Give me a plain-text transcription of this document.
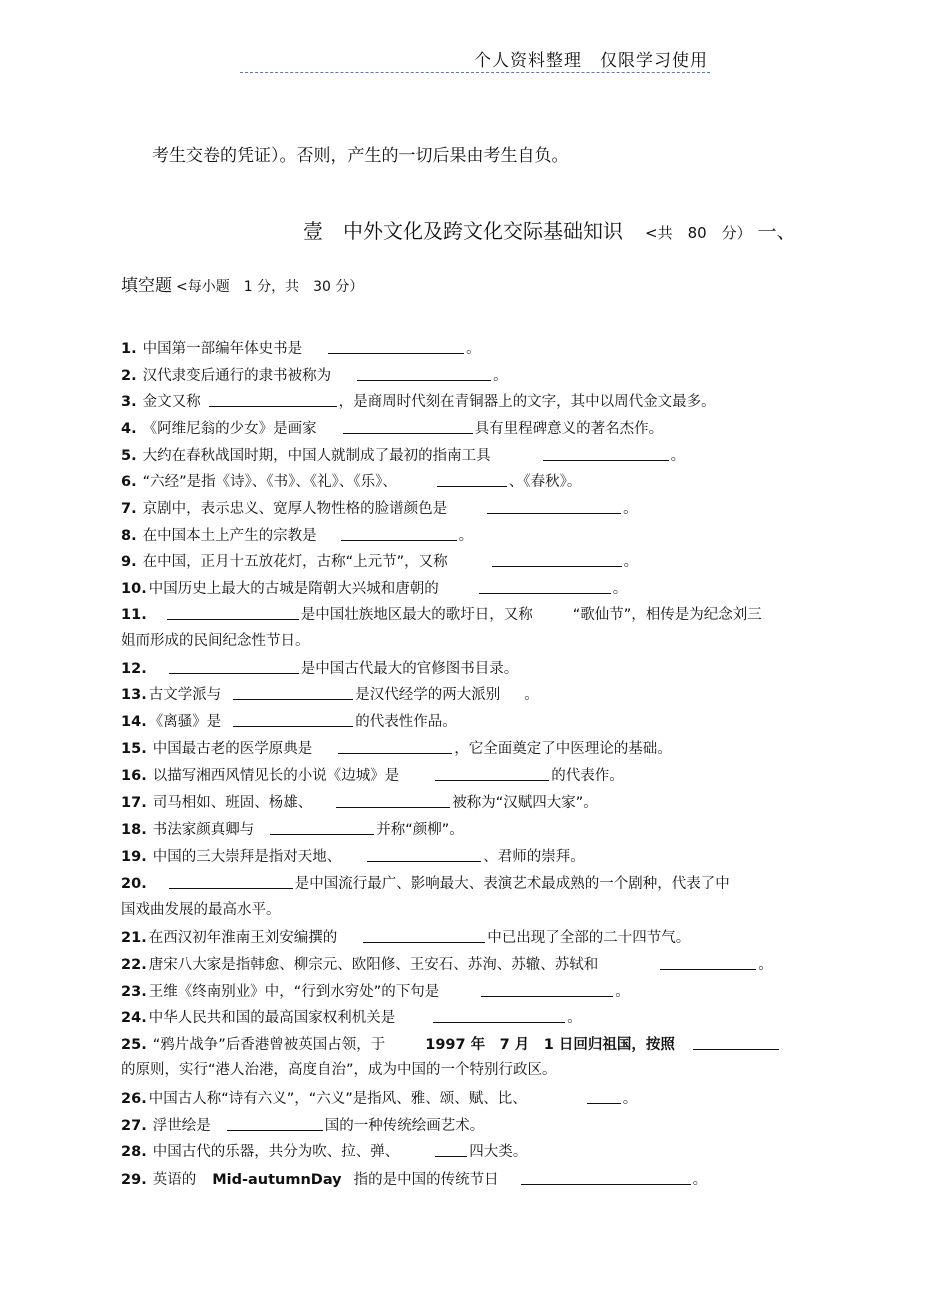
个人资料整理　仅限学习使用
考生交卷的凭证）。否则，产生的一切后果由考生自负。
壹　中外文化及跨文化交际基础知识 <共　80　分） 一、
填空题 <每小题　1 分，共　30 分）
1. 中国第一部编年体史书是	。
2. 汉代隶变后通行的隶书被称为	。
3. 金文又称	，是商周时代刻在青铜器上的文字，其中以周代金文最多。
4. 《阿维尼翁的少女》是画家	具有里程碑意义的著名杰作。
5. 大约在春秋战国时期，中国人就制成了最初的指南工具	。
6. “六经”是指《诗》、《书》、《礼》、《乐》、	、《春秋》。
7. 京剧中，表示忠义、宽厚人物性格的脸谱颜色是	。
8. 在中国本土上产生的宗教是	。
9. 在中国，正月十五放花灯，古称“上元节”，又称	。
10. 中国历史上最大的古城是隋朝大兴城和唐朝的	。
11.	是中国壮族地区最大的歌圩日，又称	“歌仙节”，相传是为纪念刘三
姐而形成的民间纪念性节日。
12.	是中国古代最大的官修图书目录。
13. 古文学派与	是汉代经学的两大派别 。
14. 《离骚》是	的代表性作品。
15. 中国最古老的医学原典是	，它全面奠定了中医理论的基础。
16. 以描写湘西风情见长的小说《边城》是	的代表作。
17. 司马相如、班固、杨雄、	被称为“汉赋四大家”。
18. 书法家颜真卿与	并称“颜柳”。
19. 中国的三大崇拜是指对天地、	、君师的崇拜。
20.	是中国流行最广、影响最大、表演艺术最成熟的一个剧种，代表了中
国戏曲发展的最高水平。
21. 在西汉初年淮南王刘安编撰的	中已出现了全部的二十四节气。
22. 唐宋八大家是指韩愈、柳宗元、欧阳修、王安石、苏洵、苏辙、苏轼和	。
23. 王维《终南别业》中，“行到水穷处”的下句是	。
24. 中华人民共和国的最高国家权利机关是	。
25. “鸦片战争”后香港曾被英国占领，于	1997 年　7 月　1 日回归祖国，按照
的原则，实行“港人治港，高度自治”，成为中国的一个特别行政区。
26. 中国古人称“诗有六义”，“六义”是指风、雅、颂、赋、比、	。
27. 浮世绘是	国的一种传统绘画艺术。
28. 中国古代的乐器，共分为吹、拉、弹、	四大类。
29. 英语的 Mid-autumnDay 指的是中国的传统节日	。
